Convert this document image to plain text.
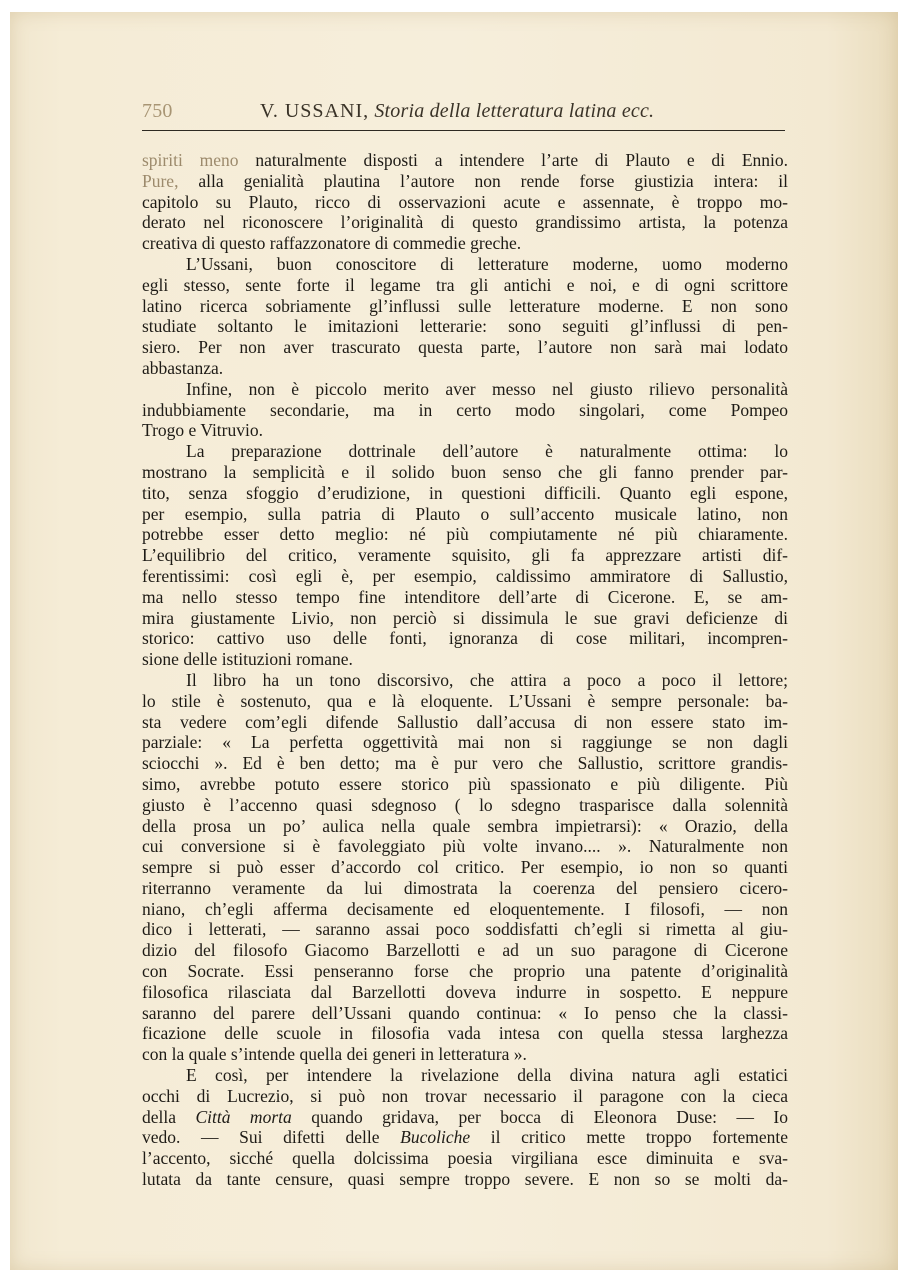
750	V. USSANI, Storia della letteratura latina ecc.
spiriti meno naturalmente disposti a intendere l’arte di Plauto e di Ennio.
Pure, alla genialità plautina l’autore non rende forse giustizia intera: il
capitolo su Plauto, ricco di osservazioni acute e assennate, è troppo mo-
derato nel riconoscere l’originalità di questo grandissimo artista, la potenza
creativa di questo raffazzonatore di commedie greche.
L’Ussani, buon conoscitore di letterature moderne, uomo moderno
egli stesso, sente forte il legame tra gli antichi e noi, e di ogni scrittore
latino ricerca sobriamente gl’influssi sulle letterature moderne. E non sono
studiate soltanto le imitazioni letterarie: sono seguiti gl’influssi di pen-
siero. Per non aver trascurato questa parte, l’autore non sarà mai lodato
abbastanza.
Infine, non è piccolo merito aver messo nel giusto rilievo personalità
indubbiamente secondarie, ma in certo modo singolari, come Pompeo
Trogo e Vitruvio.
La preparazione dottrinale dell’autore è naturalmente ottima: lo
mostrano la semplicità e il solido buon senso che gli fanno prender par-
tito, senza sfoggio d’erudizione, in questioni difficili. Quanto egli espone,
per esempio, sulla patria di Plauto o sull’accento musicale latino, non
potrebbe esser detto meglio: né più compiutamente né più chiaramente.
L’equilibrio del critico, veramente squisito, gli fa apprezzare artisti dif-
ferentissimi: così egli è, per esempio, caldissimo ammiratore di Sallustio,
ma nello stesso tempo fine intenditore dell’arte di Cicerone. E, se am-
mira giustamente Livio, non perciò si dissimula le sue gravi deficienze di
storico: cattivo uso delle fonti, ignoranza di cose militari, incompren-
sione delle istituzioni romane.
Il libro ha un tono discorsivo, che attira a poco a poco il lettore;
lo stile è sostenuto, qua e là eloquente. L’Ussani è sempre personale: ba-
sta vedere com’egli difende Sallustio dall’accusa di non essere stato im-
parziale: « La perfetta oggettività mai non si raggiunge se non dagli
sciocchi ». Ed è ben detto; ma è pur vero che Sallustio, scrittore grandis-
simo, avrebbe potuto essere storico più spassionato e più diligente. Più
giusto è l’accenno quasi sdegnoso ( lo sdegno trasparisce dalla solennità
della prosa un po’ aulica nella quale sembra impietrarsi): « Orazio, della
cui conversione si è favoleggiato più volte invano.... ». Naturalmente non
sempre si può esser d’accordo col critico. Per esempio, io non so quanti
riterranno veramente da lui dimostrata la coerenza del pensiero cicero-
niano, ch’egli afferma decisamente ed eloquentemente. I filosofi, — non
dico i letterati, — saranno assai poco soddisfatti ch’egli si rimetta al giu-
dizio del filosofo Giacomo Barzellotti e ad un suo paragone di Cicerone
con Socrate. Essi penseranno forse che proprio una patente d’originalità
filosofica rilasciata dal Barzellotti doveva indurre in sospetto. E neppure
saranno del parere dell’Ussani quando continua: « Io penso che la classi-
ficazione delle scuole in filosofia vada intesa con quella stessa larghezza
con la quale s’intende quella dei generi in letteratura ».
E così, per intendere la rivelazione della divina natura agli estatici
occhi di Lucrezio, si può non trovar necessario il paragone con la cieca
della Città morta quando gridava, per bocca di Eleonora Duse: — Io
vedo. — Sui difetti delle Bucoliche il critico mette troppo fortemente
l’accento, sicché quella dolcissima poesia virgiliana esce diminuita e sva-
lutata da tante censure, quasi sempre troppo severe. E non so se molti da-
